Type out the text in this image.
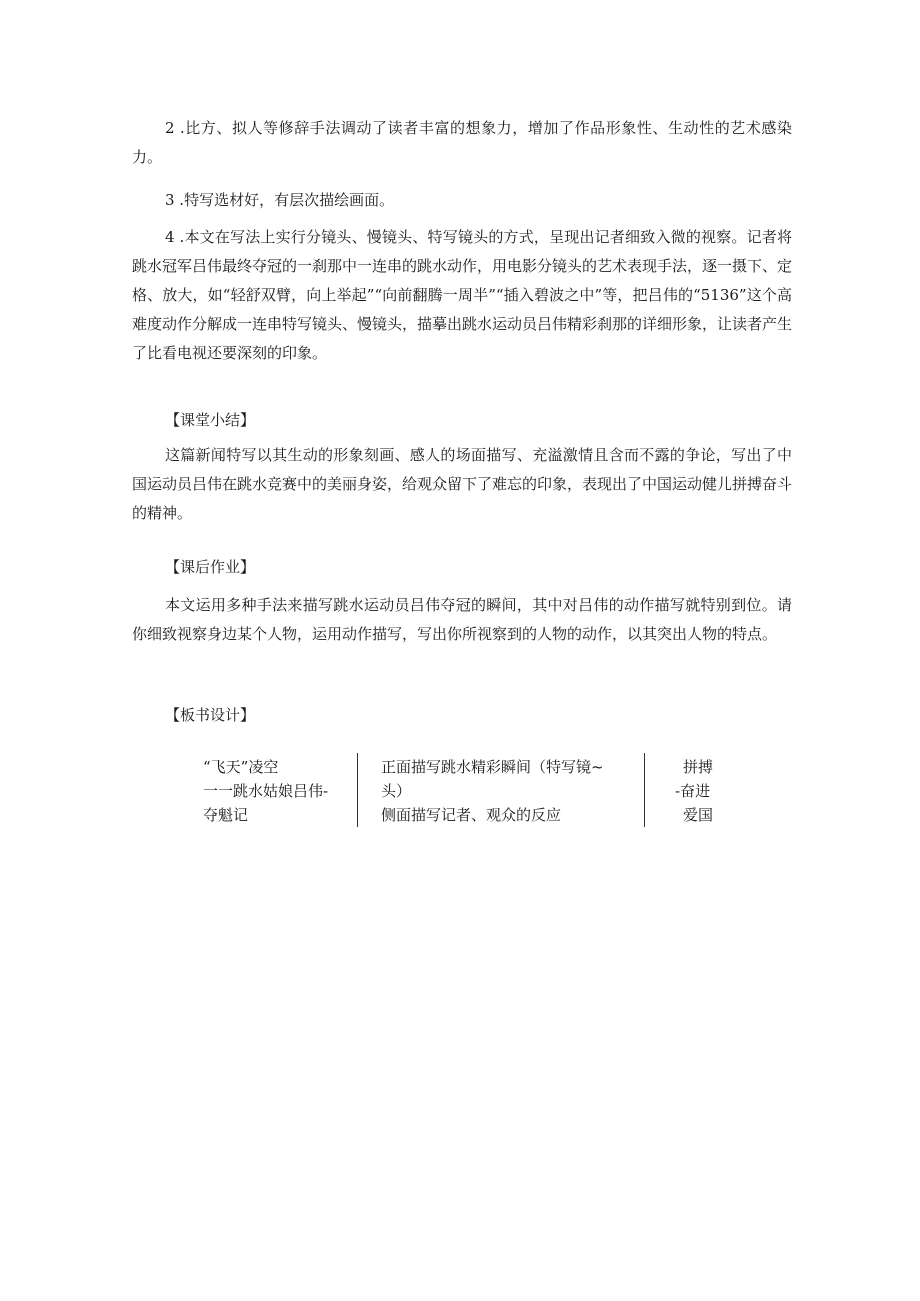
2 .比方、拟人等修辞手法调动了读者丰富的想象力，增加了作品形象性、生动性的艺术感染力。

3 .特写选材好，有层次描绘画面。

4 .本文在写法上实行分镜头、慢镜头、特写镜头的方式，呈现出记者细致入微的视察。记者将跳水冠军吕伟最终夺冠的一刹那中一连串的跳水动作，用电影分镜头的艺术表现手法，逐一摄下、定格、放大，如“轻舒双臂，向上举起”“向前翻腾一周半”“插入碧波之中”等，把吕伟的“5136”这个高难度动作分解成一连串特写镜头、慢镜头，描摹出跳水运动员吕伟精彩刹那的详细形象，让读者产生了比看电视还要深刻的印象。

【课堂小结】

这篇新闻特写以其生动的形象刻画、感人的场面描写、充溢激情且含而不露的争论，写出了中国运动员吕伟在跳水竞赛中的美丽身姿，给观众留下了难忘的印象，表现出了中国运动健儿拼搏奋斗的精神。

【课后作业】

本文运用多种手法来描写跳水运动员吕伟夺冠的瞬间，其中对吕伟的动作描写就特别到位。请你细致视察身边某个人物，运用动作描写，写出你所视察到的人物的动作，以其突出人物的特点。

【板书设计】

“飞天”凌空
一一跳水姑娘吕伟-
夺魁记
正面描写跳水精彩瞬间（特写镜~
头）
侧面描写记者、观众的反应
拼搏
-奋进
爱国
